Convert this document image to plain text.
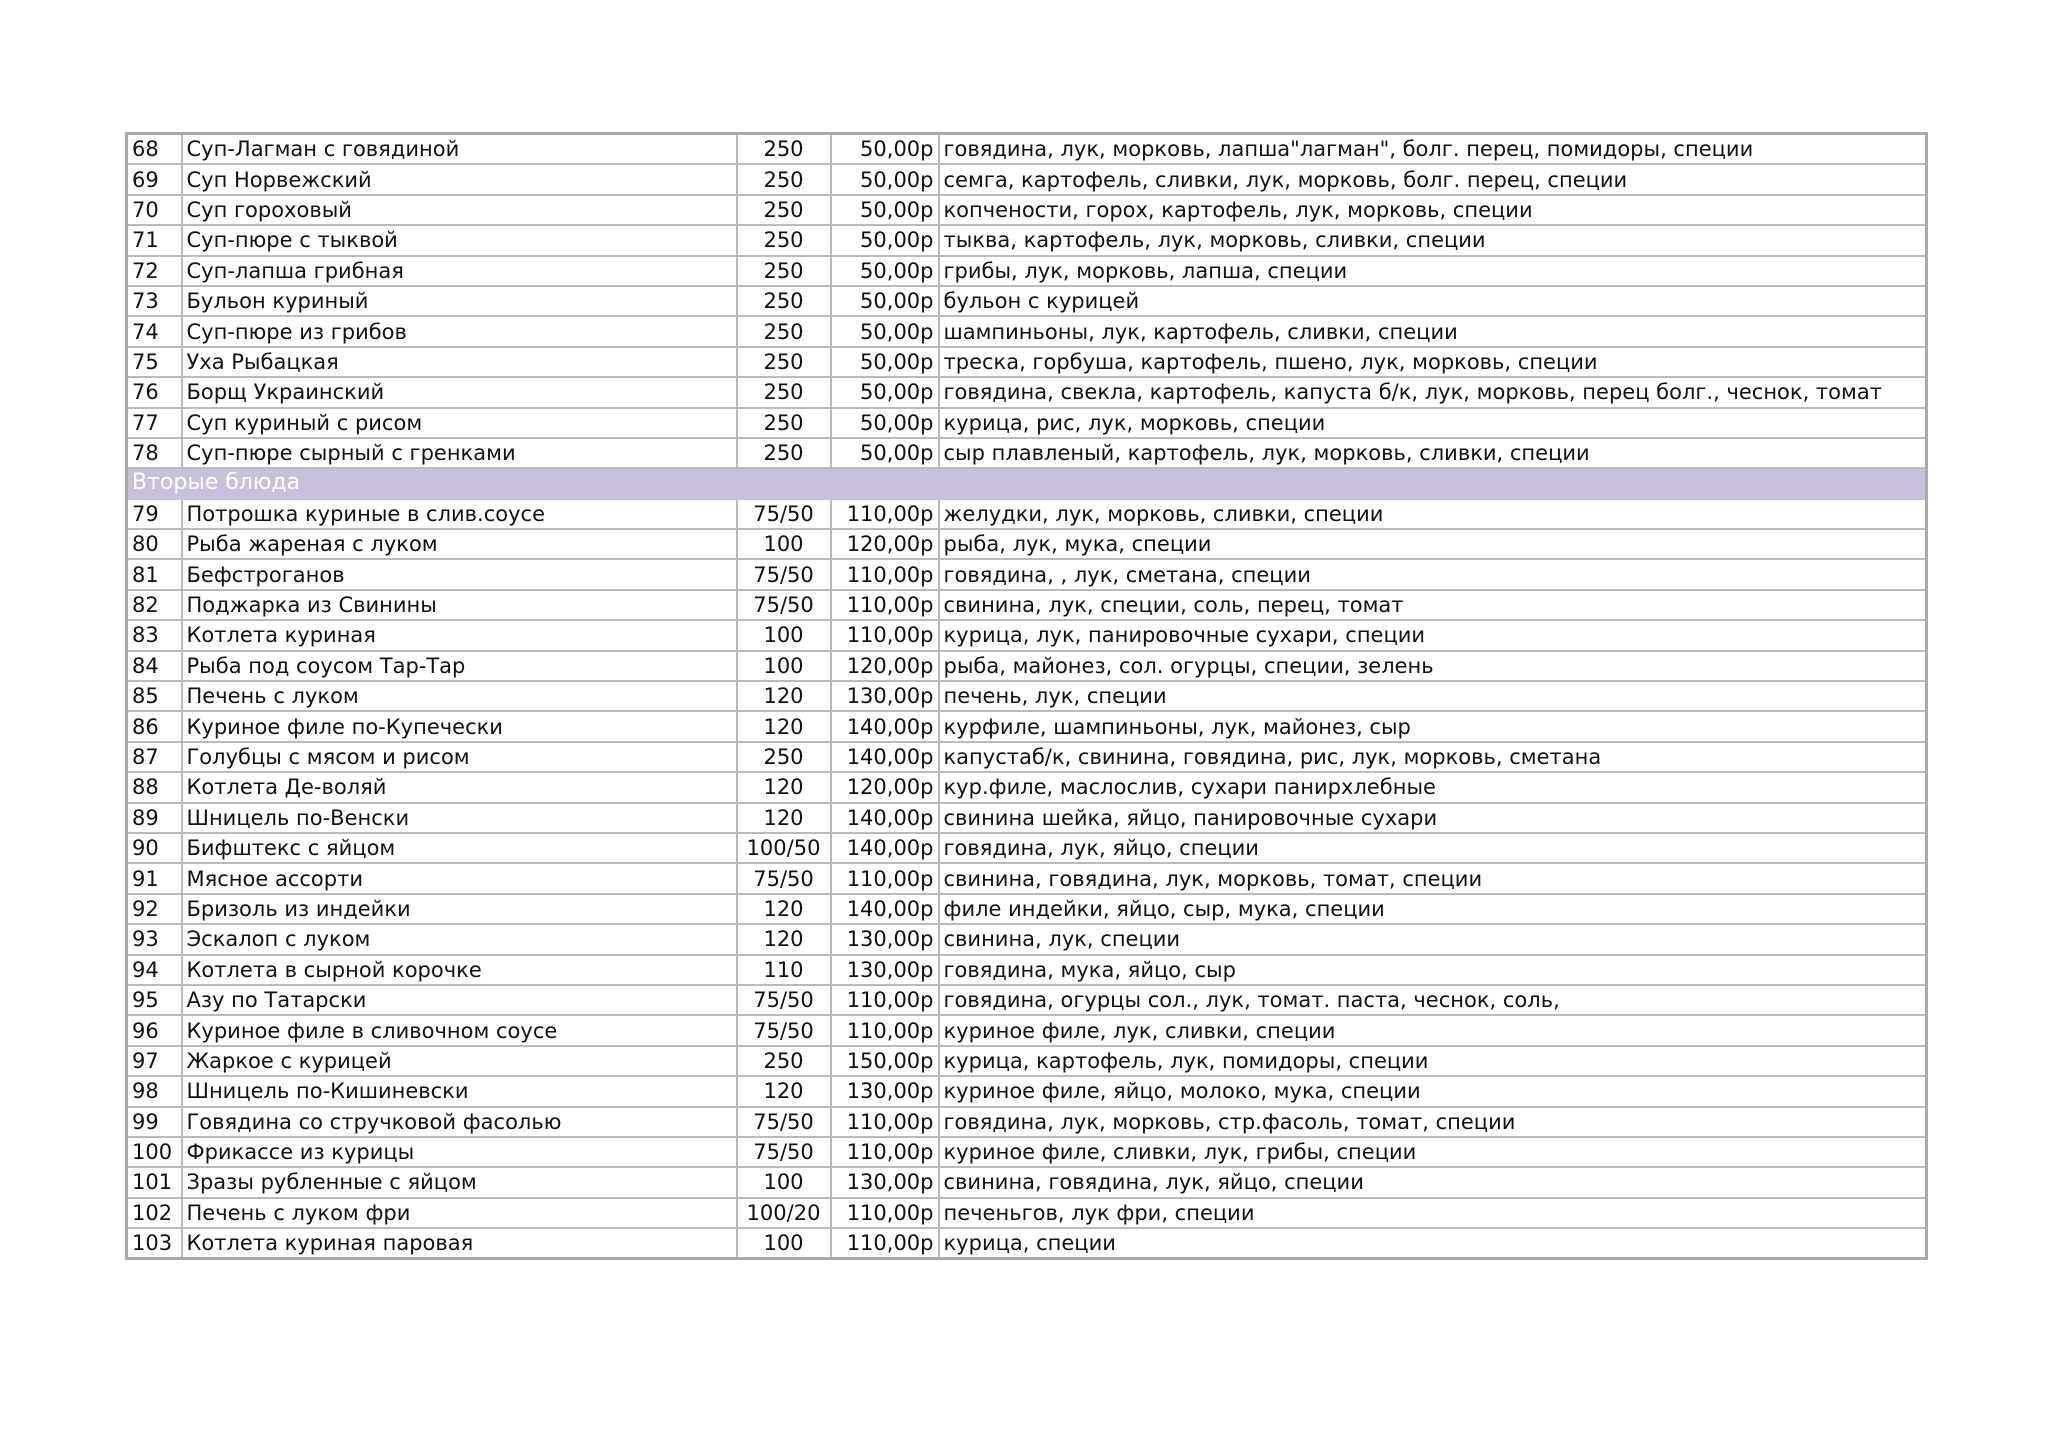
68	Суп-Лагман с говядиной	250	50,00р	говядина, лук, морковь, лапша"лагман", болг. перец, помидоры, специи
69	Суп Норвежский	250	50,00р	семга, картофель, сливки, лук, морковь, болг. перец, специи
70	Суп гороховый	250	50,00р	копчености, горох, картофель, лук, морковь, специи
71	Суп-пюре с тыквой	250	50,00р	тыква, картофель, лук, морковь, сливки, специи
72	Суп-лапша грибная	250	50,00р	грибы, лук, морковь, лапша, специи
73	Бульон куриный	250	50,00р	бульон с курицей
74	Суп-пюре из грибов	250	50,00р	шампиньоны, лук, картофель, сливки, специи
75	Уха Рыбацкая	250	50,00р	треска, горбуша, картофель, пшено, лук, морковь, специи
76	Борщ Украинский	250	50,00р	говядина, свекла, картофель, капуста б/к, лук, морковь, перец болг., чеснок, томат
77	Суп куриный с рисом	250	50,00р	курица, рис, лук, морковь, специи
78	Суп-пюре сырный с гренками	250	50,00р	сыр плавленый, картофель, лук, морковь, сливки, специи
Вторые блюда				
79	Потрошка куриные в слив.соусе	75/50	110,00р	желудки, лук, морковь, сливки, специи
80	Рыба жареная с луком	100	120,00р	рыба, лук, мука, специи
81	Бефстроганов	75/50	110,00р	говядина, , лук, сметана, специи
82	Поджарка из Свинины	75/50	110,00р	свинина, лук, специи, соль, перец, томат
83	Котлета куриная	100	110,00р	курица, лук, панировочные сухари, специи
84	Рыба под соусом Тар-Тар	100	120,00р	рыба, майонез, сол. огурцы, специи, зелень
85	Печень с луком	120	130,00р	печень, лук, специи
86	Куриное филе по-Купечески	120	140,00р	курфиле, шампиньоны, лук, майонез, сыр
87	Голубцы с мясом и рисом	250	140,00р	капустаб/к, свинина, говядина, рис, лук, морковь, сметана
88	Котлета Де-воляй	120	120,00р	кур.филе, маслослив, сухари панирхлебные
89	Шницель по-Венски	120	140,00р	свинина шейка, яйцо, панировочные сухари
90	Бифштекс с яйцом	100/50	140,00р	говядина, лук, яйцо, специи
91	Мясное ассорти	75/50	110,00р	свинина, говядина, лук, морковь, томат, специи
92	Бризоль из индейки	120	140,00р	филе индейки, яйцо, сыр, мука, специи
93	Эскалоп с луком	120	130,00р	свинина, лук, специи
94	Котлета в сырной корочке	110	130,00р	говядина, мука, яйцо, сыр
95	Азу по Татарски	75/50	110,00р	говядина, огурцы сол., лук, томат. паста, чеснок, соль,
96	Куриное филе в сливочном соусе	75/50	110,00р	куриное филе, лук, сливки, специи
97	Жаркое с курицей	250	150,00р	курица, картофель, лук, помидоры, специи
98	Шницель по-Кишиневски	120	130,00р	куриное филе, яйцо, молоко, мука, специи
99	Говядина со стручковой фасолью	75/50	110,00р	говядина, лук, морковь, стр.фасоль, томат, специи
100	Фрикассе из курицы	75/50	110,00р	куриное филе, сливки, лук, грибы, специи
101	Зразы рубленные с яйцом	100	130,00р	свинина, говядина, лук, яйцо, специи
102	Печень с луком фри	100/20	110,00р	печеньгов, лук фри, специи
103	Котлета куриная паровая	100	110,00р	курица, специи
